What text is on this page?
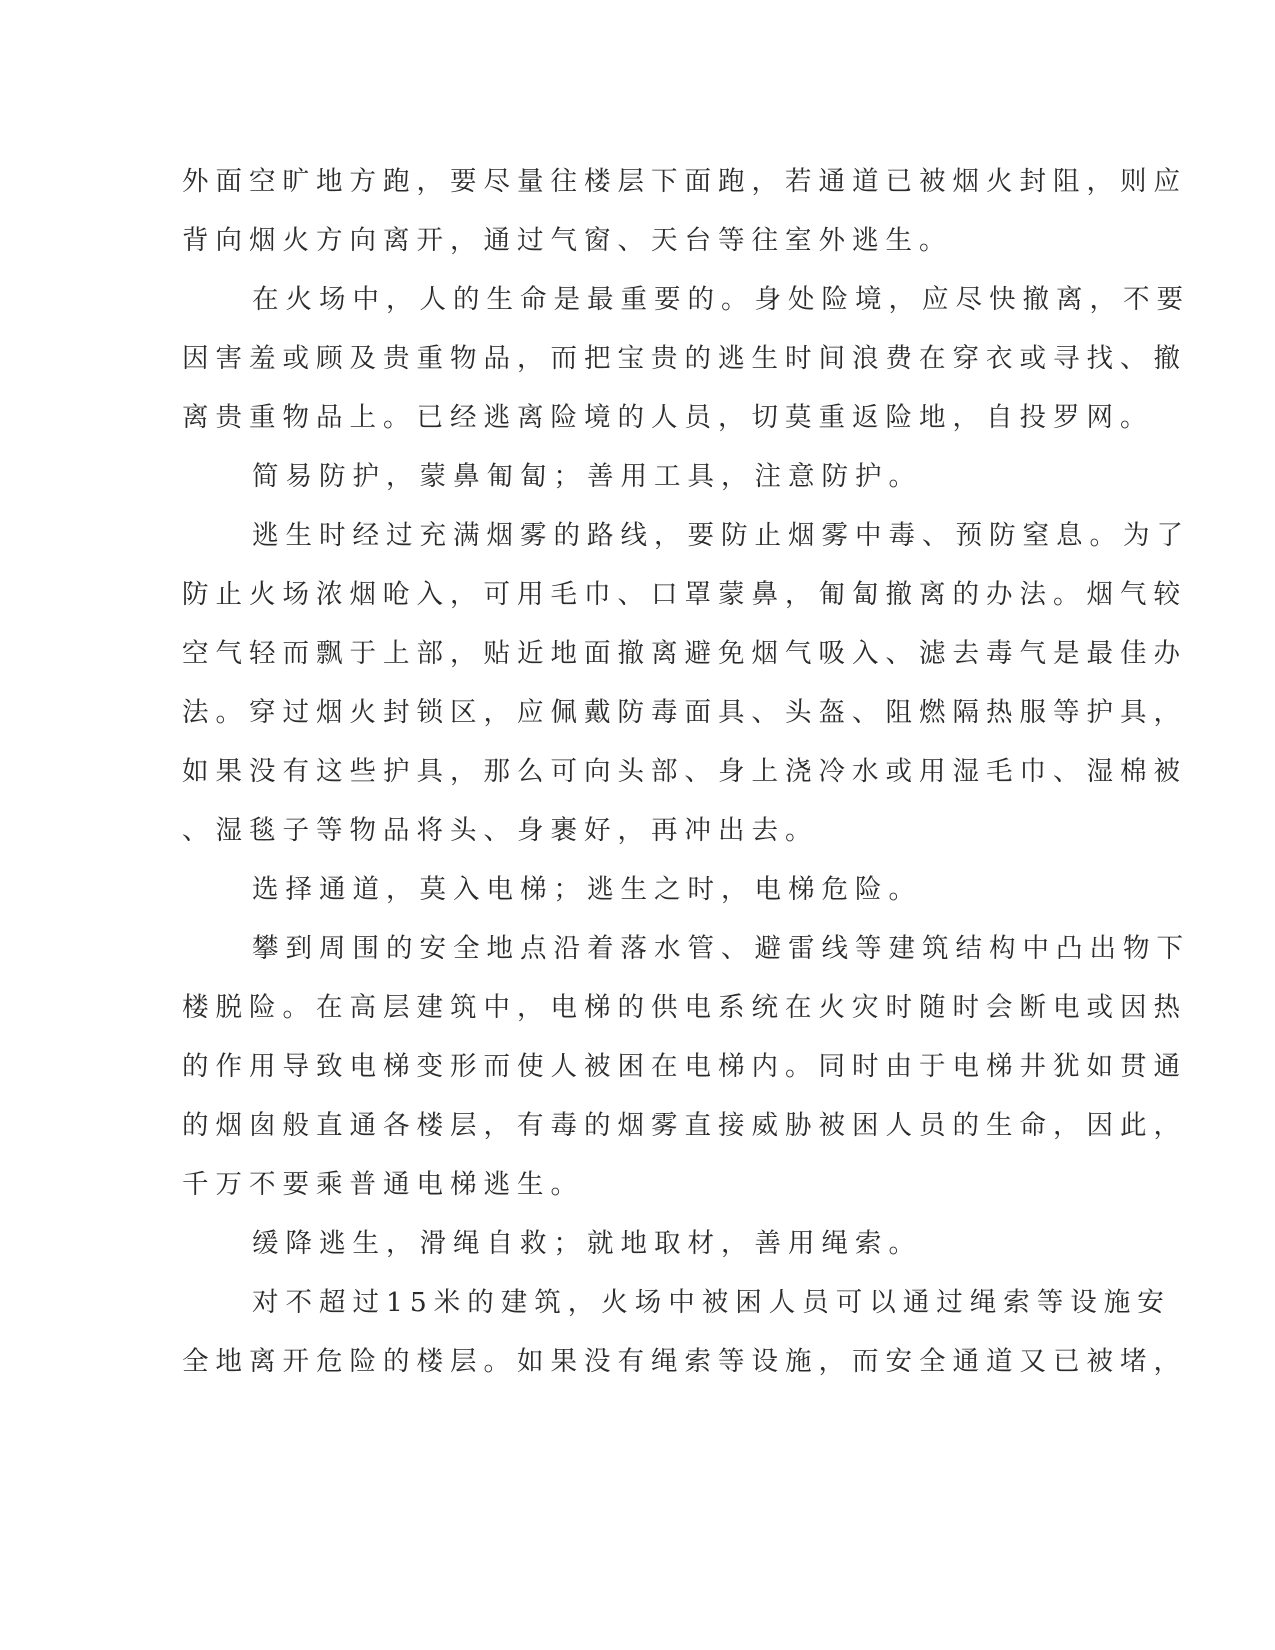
外面空旷地方跑，要尽量往楼层下面跑，若通道已被烟火封阻，则应

背向烟火方向离开，通过气窗、天台等往室外逃生。

在火场中，人的生命是最重要的。身处险境，应尽快撤离，不要

因害羞或顾及贵重物品，而把宝贵的逃生时间浪费在穿衣或寻找、撤

离贵重物品上。已经逃离险境的人员，切莫重返险地，自投罗网。

简易防护，蒙鼻匍匐；善用工具，注意防护。

逃生时经过充满烟雾的路线，要防止烟雾中毒、预防窒息。为了

防止火场浓烟呛入，可用毛巾、口罩蒙鼻，匍匐撤离的办法。烟气较

空气轻而飘于上部，贴近地面撤离避免烟气吸入、滤去毒气是最佳办

法。穿过烟火封锁区，应佩戴防毒面具、头盔、阻燃隔热服等护具，

如果没有这些护具，那么可向头部、身上浇冷水或用湿毛巾、湿棉被

、湿毯子等物品将头、身裹好，再冲出去。

选择通道，莫入电梯；逃生之时，电梯危险。

攀到周围的安全地点沿着落水管、避雷线等建筑结构中凸出物下

楼脱险。在高层建筑中，电梯的供电系统在火灾时随时会断电或因热

的作用导致电梯变形而使人被困在电梯内。同时由于电梯井犹如贯通

的烟囱般直通各楼层，有毒的烟雾直接威胁被困人员的生命，因此，

千万不要乘普通电梯逃生。

缓降逃生，滑绳自救；就地取材，善用绳索。

对不超过15米的建筑，火场中被困人员可以通过绳索等设施安

全地离开危险的楼层。如果没有绳索等设施，而安全通道又已被堵，
